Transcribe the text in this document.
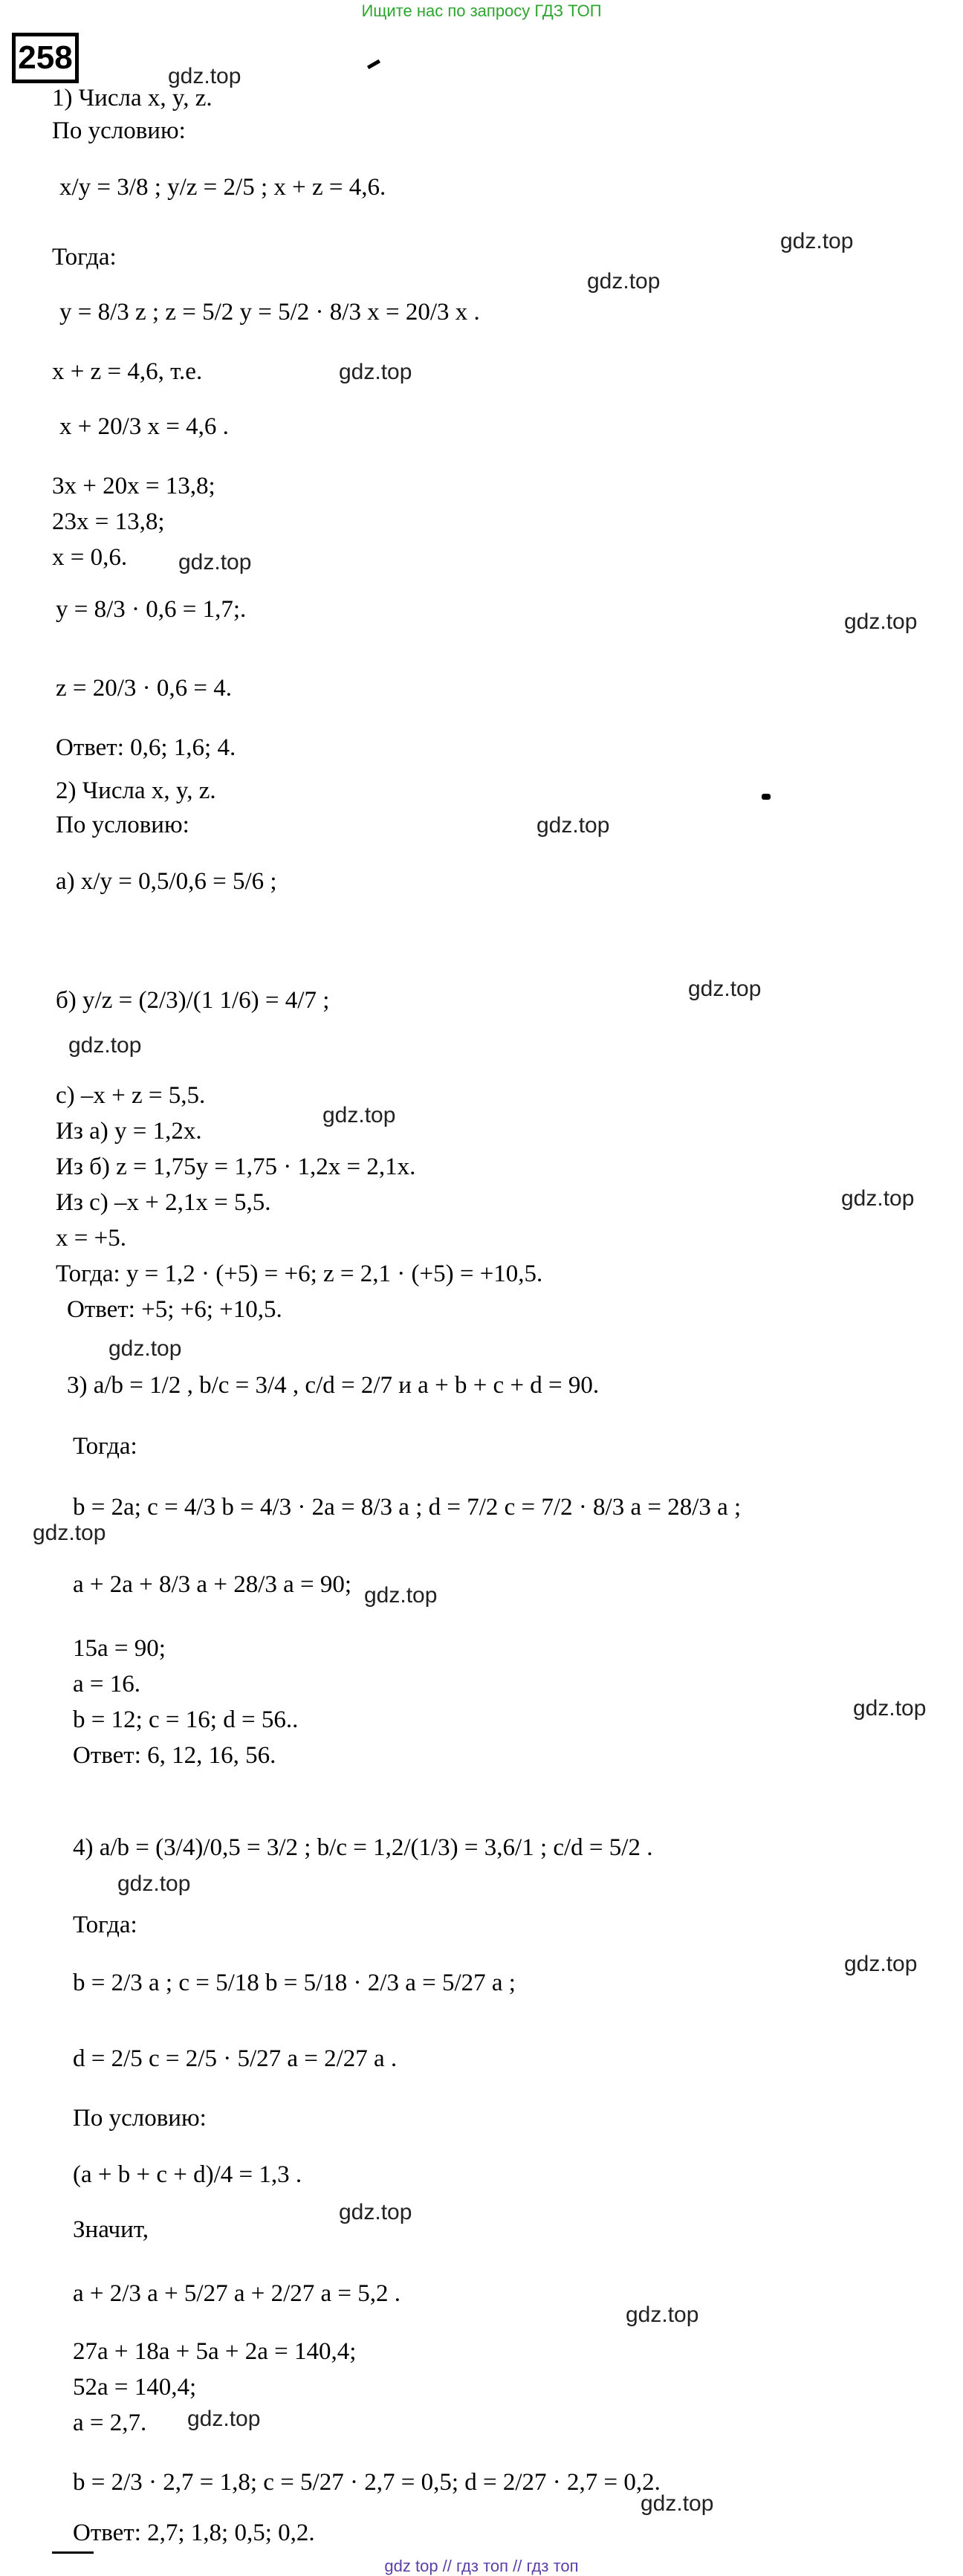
Ищите нас по запросу ГДЗ ТОП
258
1) Числа x, y, z.
По условию:
x/y = 3/8 ; y/z = 2/5 ; x + z = 4,6.
Тогда:
y = 8/3 z ; z = 5/2 y = 5/2 · 8/3 x = 20/3 x .
x + z = 4,6, т.е.
x + 20/3 x = 4,6 .
3x + 20x = 13,8;
23x = 13,8;
x = 0,6.
y = 8/3 · 0,6 = 1,7;.
z = 20/3 · 0,6 = 4.
Ответ: 0,6; 1,6; 4.
2) Числа x, y, z.
По условию:
а) x/y = 0,5/0,6 = 5/6 ;
б) y/z = (2/3)/(1 1/6) = 4/7 ;
с) –x + z = 5,5.
Из а) y = 1,2x.
Из б) z = 1,75y = 1,75 · 1,2x = 2,1x.
Из с) –x + 2,1x = 5,5.
x = +5.
Тогда: y = 1,2 · (+5) = +6; z = 2,1 · (+5) = +10,5.
Ответ: +5; +6; +10,5.
3) a/b = 1/2 , b/c = 3/4 , c/d = 2/7 и a + b + c + d = 90.
Тогда:
b = 2a; c = 4/3 b = 4/3 · 2a = 8/3 a ; d = 7/2 c = 7/2 · 8/3 a = 28/3 a ;
a + 2a + 8/3 a + 28/3 a = 90;
15a = 90;
a = 16.
b = 12; c = 16; d = 56..
Ответ: 6, 12, 16, 56.
4) a/b = (3/4)/0,5 = 3/2 ; b/c = 1,2/(1/3) = 3,6/1 ; c/d = 5/2 .
Тогда:
b = 2/3 a ; c = 5/18 b = 5/18 · 2/3 a = 5/27 a ;
d = 2/5 c = 2/5 · 5/27 a = 2/27 a .
По условию:
(a + b + c + d)/4 = 1,3 .
Значит,
a + 2/3 a + 5/27 a + 2/27 a = 5,2 .
27a + 18a + 5a + 2a = 140,4;
52a = 140,4;
a = 2,7.
b = 2/3 · 2,7 = 1,8; c = 5/27 · 2,7 = 0,5; d = 2/27 · 2,7 = 0,2.
Ответ: 2,7; 1,8; 0,5; 0,2.
gdz.top
gdz.top
gdz.top
gdz.top
gdz.top
gdz.top
gdz.top
gdz.top
gdz.top
gdz.top
gdz.top
gdz.top
gdz.top
gdz.top
gdz.top
gdz.top
gdz.top
gdz.top
gdz.top
gdz.top
gdz.top
gdz top // гдз топ // гдз топ
